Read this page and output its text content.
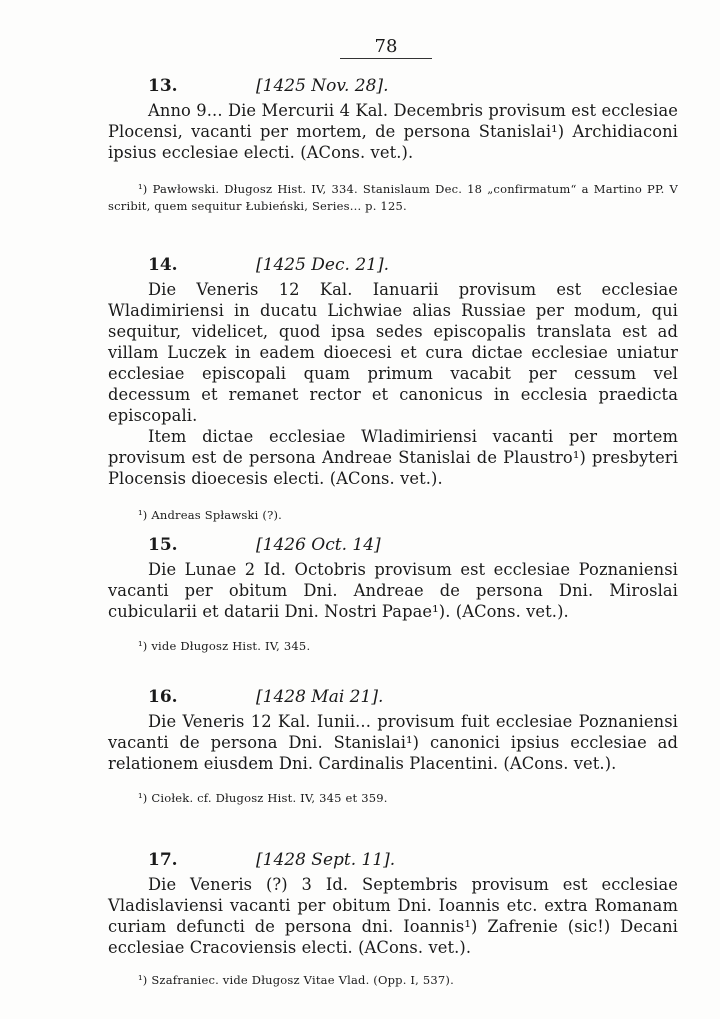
78
13.	[1425 Nov. 28].

Anno 9... Die Mercurii 4 Kal. Decembris provisum est ecclesiae Plocensi, vacanti per mortem, de persona Stanislai¹) Archidiaconi ipsius ecclesiae electi. (ACons. vet.).

¹) Pawłowski. Długosz Hist. IV, 334. Stanislaum Dec. 18 „confirmatum“ a Martino PP. V scribit, quem sequitur Łubieński, Series... p. 125.

14.	[1425 Dec. 21].

Die Veneris 12 Kal. Ianuarii provisum est ecclesiae Wladimiriensi in ducatu Lichwiae alias Russiae per modum, qui sequitur, videlicet, quod ipsa sedes episcopalis translata est ad villam Luczek in eadem dioecesi et cura dictae ecclesiae uniatur ecclesiae episcopali quam primum vacabit per cessum vel decessum et remanet rector et canonicus in ecclesia praedicta episcopali.

Item dictae ecclesiae Wladimiriensi vacanti per mortem provisum est de persona Andreae Stanislai de Plaustro¹) presbyteri Plocensis dioecesis electi. (ACons. vet.).

¹) Andreas Spławski (?).

15.	[1426 Oct. 14]

Die Lunae 2 Id. Octobris provisum est ecclesiae Poznaniensi vacanti per obitum Dni. Andreae de persona Dni. Miroslai cubicularii et datarii Dni. Nostri Papae¹). (ACons. vet.).

¹) vide Długosz Hist. IV, 345.

16.	[1428 Mai 21].

Die Veneris 12 Kal. Iunii... provisum fuit ecclesiae Poznaniensi vacanti de persona Dni. Stanislai¹) canonici ipsius ecclesiae ad relationem eiusdem Dni. Cardinalis Placentini. (ACons. vet.).

¹) Ciołek. cf. Długosz Hist. IV, 345 et 359.

17.	[1428 Sept. 11].

Die Veneris (?) 3 Id. Septembris provisum est ecclesiae Vladislaviensi vacanti per obitum Dni. Ioannis etc. extra Romanam curiam defuncti de persona dni. Ioannis¹) Zafrenie (sic!) Decani ecclesiae Cracoviensis electi. (ACons. vet.).

¹) Szafraniec. vide Długosz Vitae Vlad. (Opp. I, 537).
